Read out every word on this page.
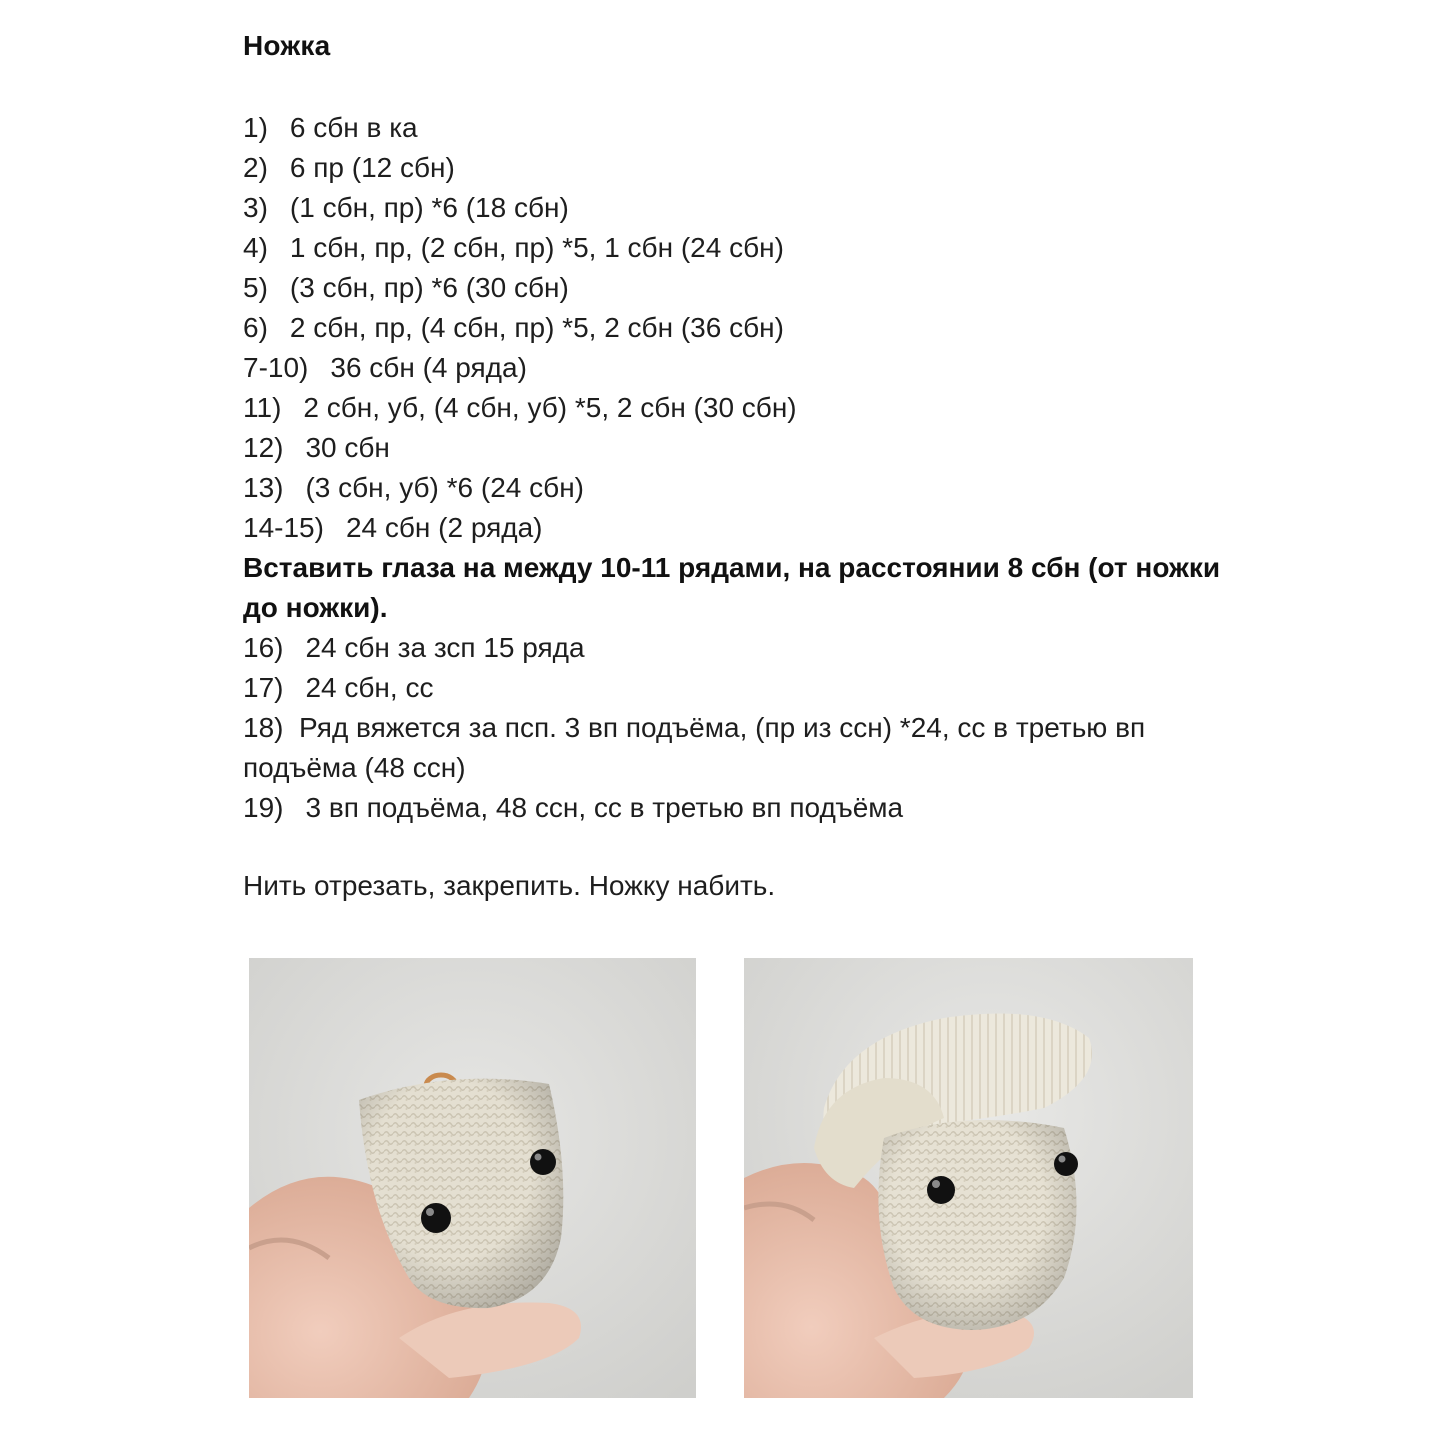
Ножка
1) 6 сбн в ка
2) 6 пр (12 сбн)
3) (1 сбн, пр) *6 (18 сбн)
4) 1 сбн, пр, (2 сбн, пр) *5, 1 сбн (24 сбн)
5) (3 сбн, пр) *6 (30 сбн)
6) 2 сбн, пр, (4 сбн, пр) *5, 2 сбн (36 сбн)
7-10) 36 сбн (4 ряда)
11) 2 сбн, уб, (4 сбн, уб) *5, 2 сбн (30 сбн)
12) 30 сбн
13) (3 сбн, уб) *6 (24 сбн)
14-15) 24 сбн (2 ряда)
Вставить глаза на между 10-11 рядами, на расстоянии 8 сбн (от ножки до ножки).
16) 24 сбн за зсп 15 ряда
17) 24 сбн, сс
18) Ряд вяжется за псп. 3 вп подъёма, (пр из ссн) *24, сс в третью вп подъёма (48 ссн)
19) 3 вп подъёма, 48 ссн, сс в третью вп подъёма
Нить отрезать, закрепить. Ножку набить.
